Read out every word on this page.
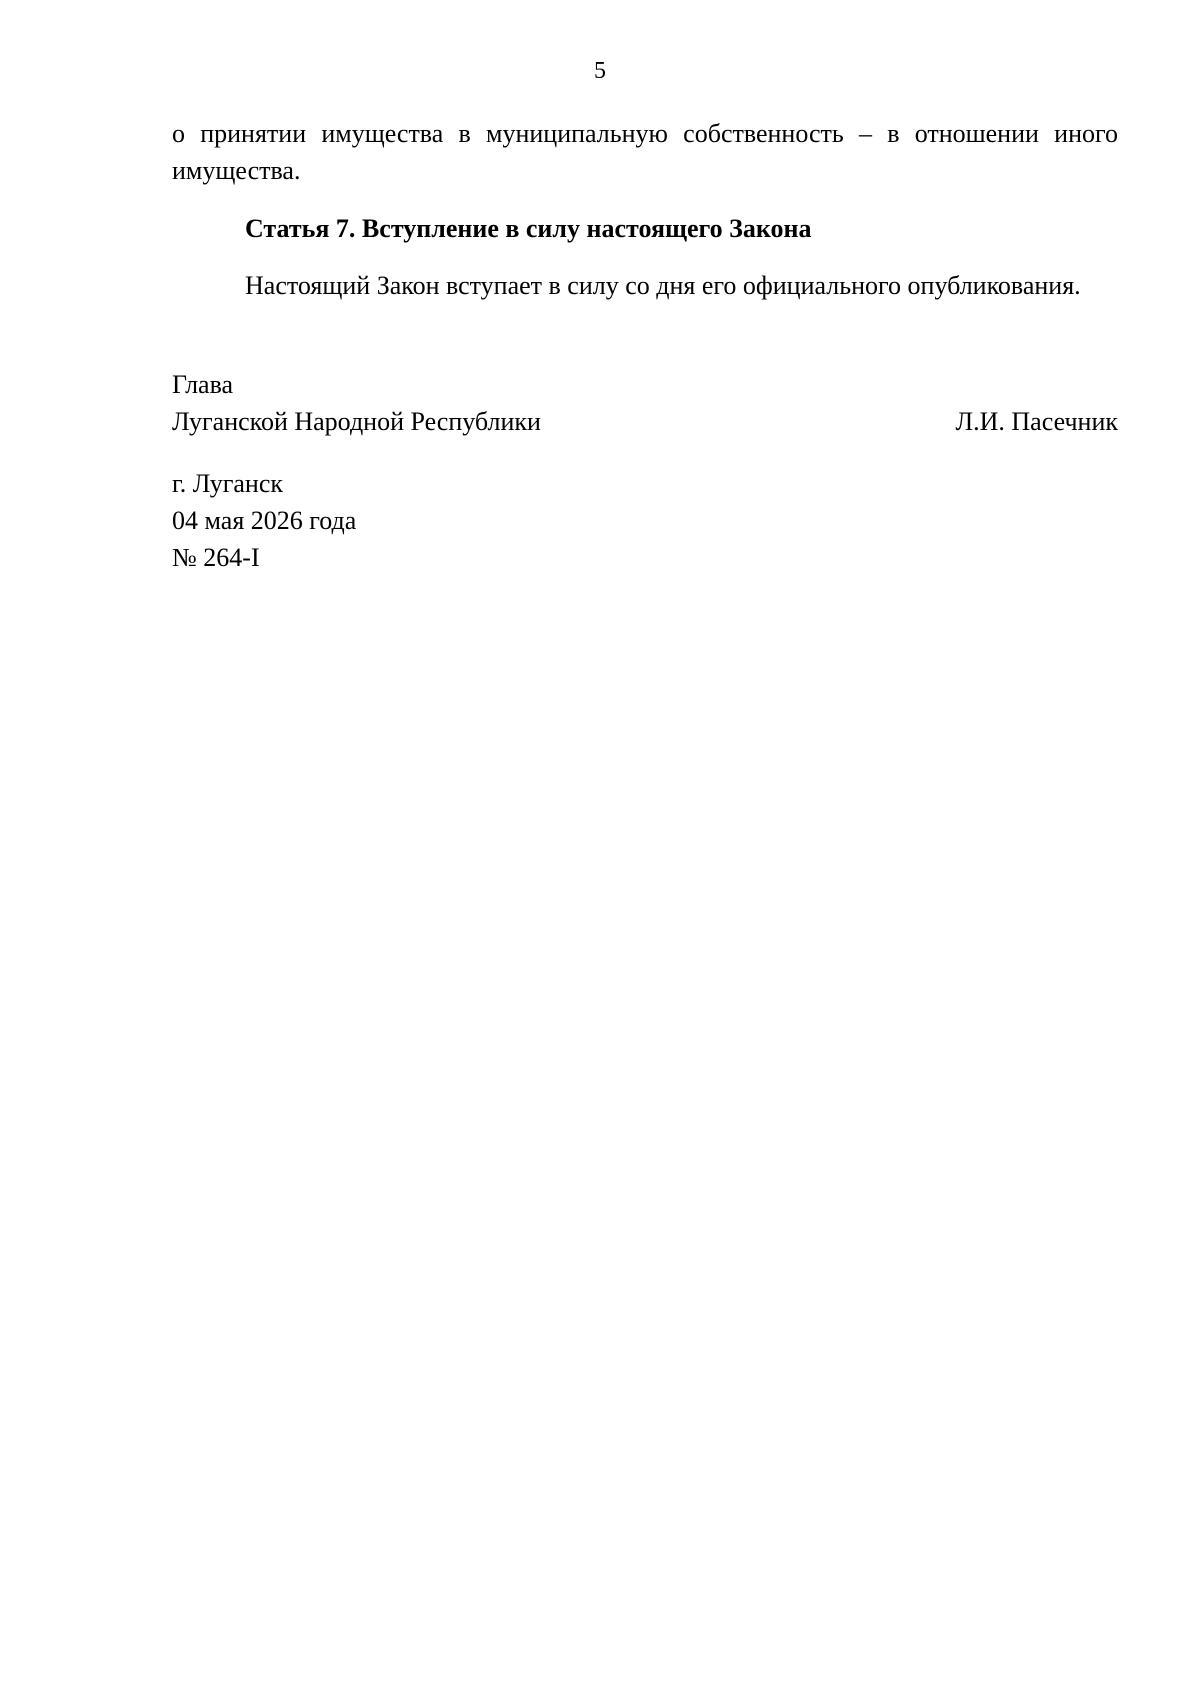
5
о принятии имущества в муниципальную собственность – в отношении иного имущества.
Статья 7. Вступление в силу настоящего Закона
Настоящий Закон вступает в силу со дня его официального опубликования.
Глава
Луганской Народной Республики	Л.И. Пасечник
г. Луганск
04 мая 2026 года
№ 264-I
